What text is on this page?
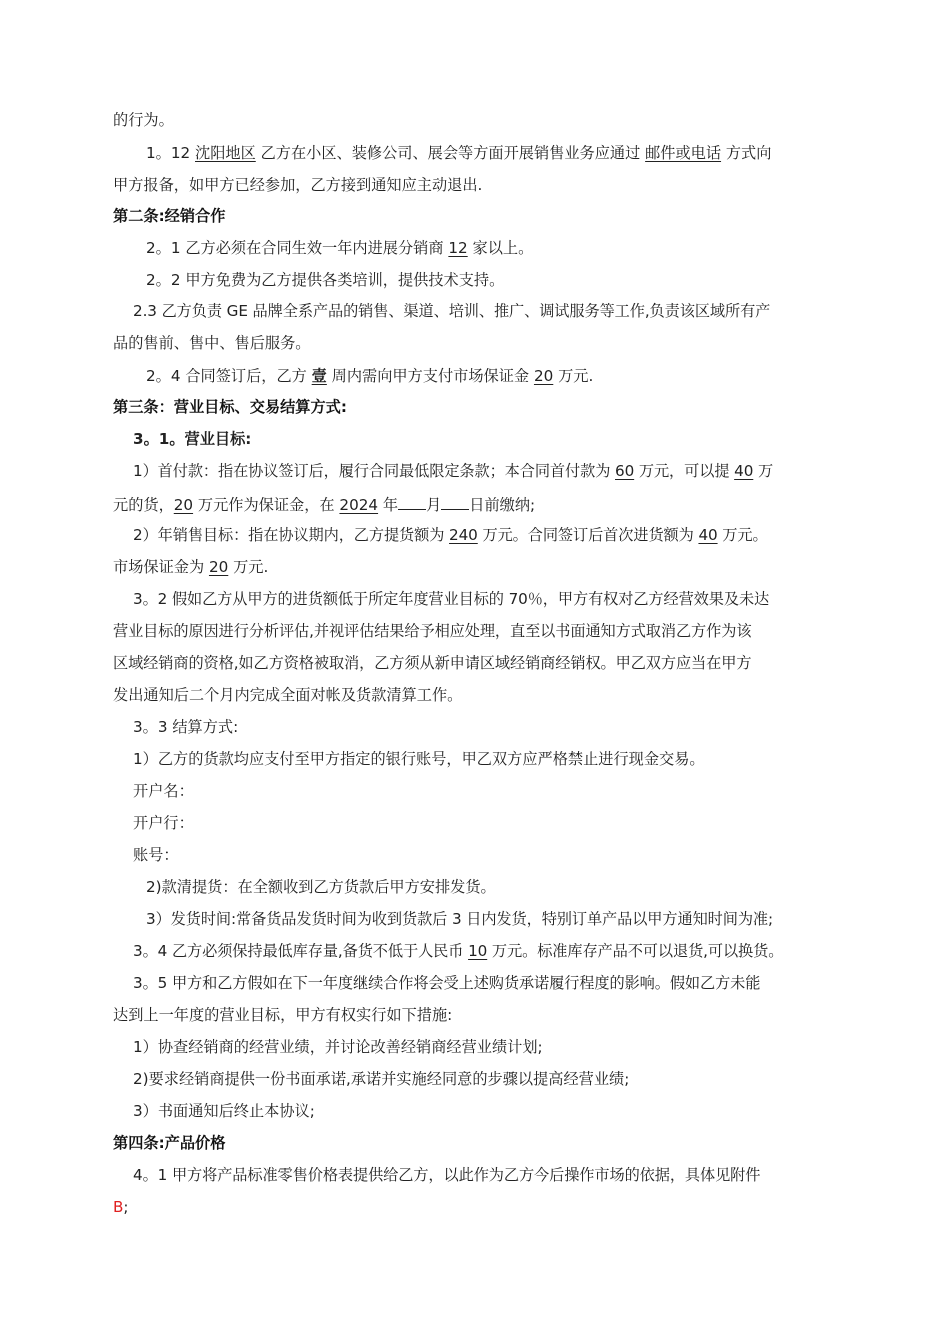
的行为。
1。12 沈阳地区 乙方在小区、装修公司、展会等方面开展销售业务应通过 邮件或电话 方式向
甲方报备，如甲方已经参加，乙方接到通知应主动退出.
第二条:经销合作
2。1 乙方必须在合同生效一年内进展分销商 12 家以上。
2。2 甲方免费为乙方提供各类培训，提供技术支持。
2.3 乙方负责 GE 品牌全系产品的销售、渠道、培训、推广、调试服务等工作,负责该区域所有产
品的售前、售中、售后服务。
2。4 合同签订后，乙方 壹 周内需向甲方支付市场保证金 20 万元.
第三条：营业目标、交易结算方式:
3。1。营业目标:
1）首付款：指在协议签订后，履行合同最低限定条款；本合同首付款为 60 万元，可以提 40 万
元的货，20 万元作为保证金，在 2024 年 月 日前缴纳;
2）年销售目标：指在协议期内，乙方提货额为 240 万元。合同签订后首次进货额为 40 万元。
市场保证金为 20 万元.
3。2 假如乙方从甲方的进货额低于所定年度营业目标的 70％，甲方有权对乙方经营效果及未达
营业目标的原因进行分析评估,并视评估结果给予相应处理，直至以书面通知方式取消乙方作为该
区域经销商的资格,如乙方资格被取消，乙方须从新申请区域经销商经销权。甲乙双方应当在甲方
发出通知后二个月内完成全面对帐及货款清算工作。
3。3 结算方式:
1）乙方的货款均应支付至甲方指定的银行账号，甲乙双方应严格禁止进行现金交易。
开户名：
开户行：
账号：
2)款清提货：在全额收到乙方货款后甲方安排发货。
3）发货时间:常备货品发货时间为收到货款后 3 日内发货，特别订单产品以甲方通知时间为准;
3。4 乙方必须保持最低库存量,备货不低于人民币 10 万元。标准库存产品不可以退货,可以换货。
3。5 甲方和乙方假如在下一年度继续合作将会受上述购货承诺履行程度的影响。假如乙方未能
达到上一年度的营业目标，甲方有权实行如下措施:
1）协查经销商的经营业绩，并讨论改善经销商经营业绩计划;
2)要求经销商提供一份书面承诺,承诺并实施经同意的步骤以提高经营业绩;
3）书面通知后终止本协议;
第四条:产品价格
4。1 甲方将产品标准零售价格表提供给乙方，以此作为乙方今后操作市场的依据，具体见附件
B;
